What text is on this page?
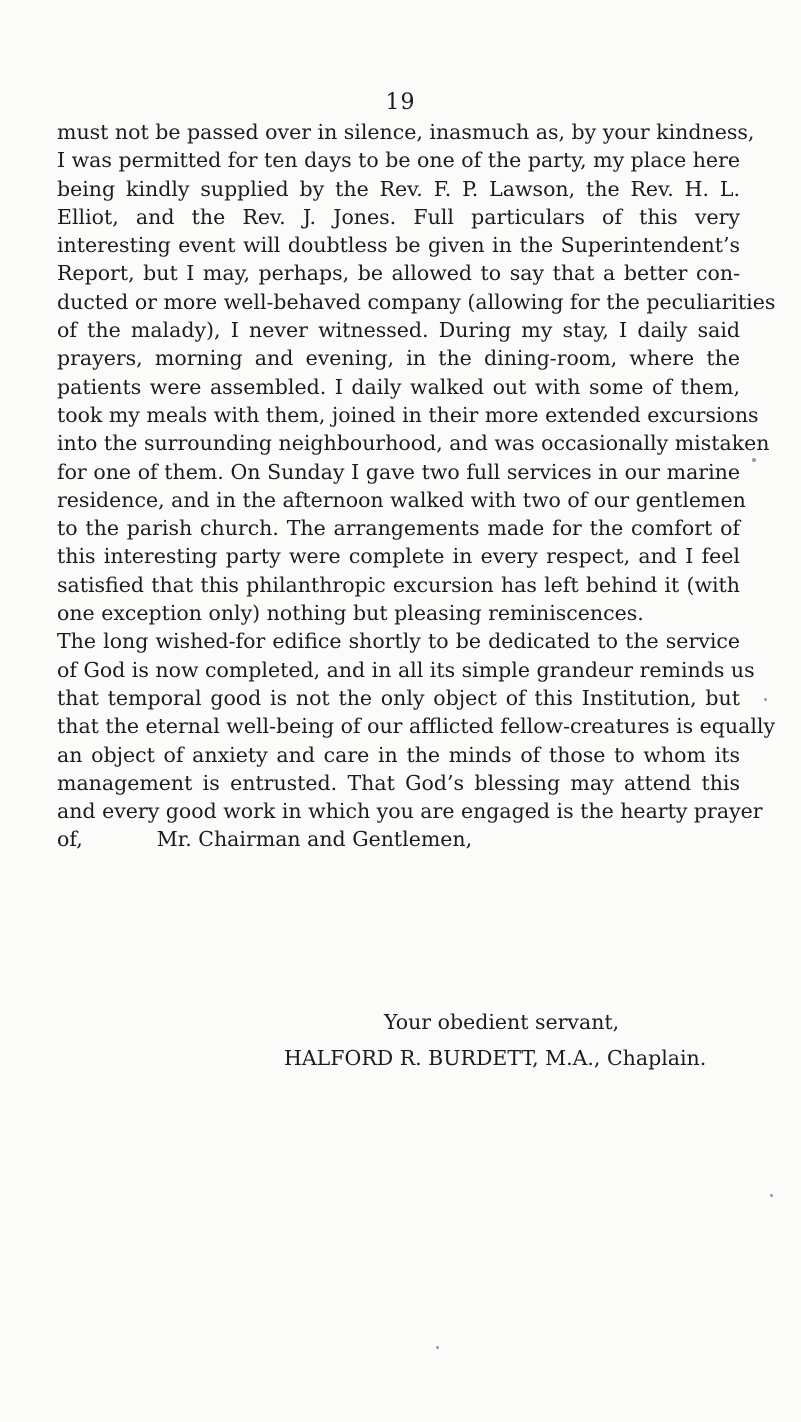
19
must not be passed over in silence, inasmuch as, by your kindness,
I was permitted for ten days to be one of the party, my place here
being kindly supplied by the Rev. F. P. Lawson, the Rev. H. L.
Elliot, and the Rev. J. Jones. Full particulars of this very
interesting event will doubtless be given in the Superintendent’s
Report, but I may, perhaps, be allowed to say that a better con-
ducted or more well-behaved company (allowing for the peculiarities
of the malady), I never witnessed. During my stay, I daily said
prayers, morning and evening, in the dining-room, where the
patients were assembled. I daily walked out with some of them,
took my meals with them, joined in their more extended excursions
into the surrounding neighbourhood, and was occasionally mistaken
for one of them. On Sunday I gave two full services in our marine
residence, and in the afternoon walked with two of our gentlemen
to the parish church. The arrangements made for the comfort of
this interesting party were complete in every respect, and I feel
satisfied that this philanthropic excursion has left behind it (with
one exception only) nothing but pleasing reminiscences.
The long wished-for edifice shortly to be dedicated to the service
of God is now completed, and in all its simple grandeur reminds us
that temporal good is not the only object of this Institution, but
that the eternal well-being of our afflicted fellow-creatures is equally
an object of anxiety and care in the minds of those to whom its
management is entrusted. That God’s blessing may attend this
and every good work in which you are engaged is the hearty prayer
of,	Mr. Chairman and Gentlemen,
Your obedient servant,
HALFORD R. BURDETT, M.A., Chaplain.
